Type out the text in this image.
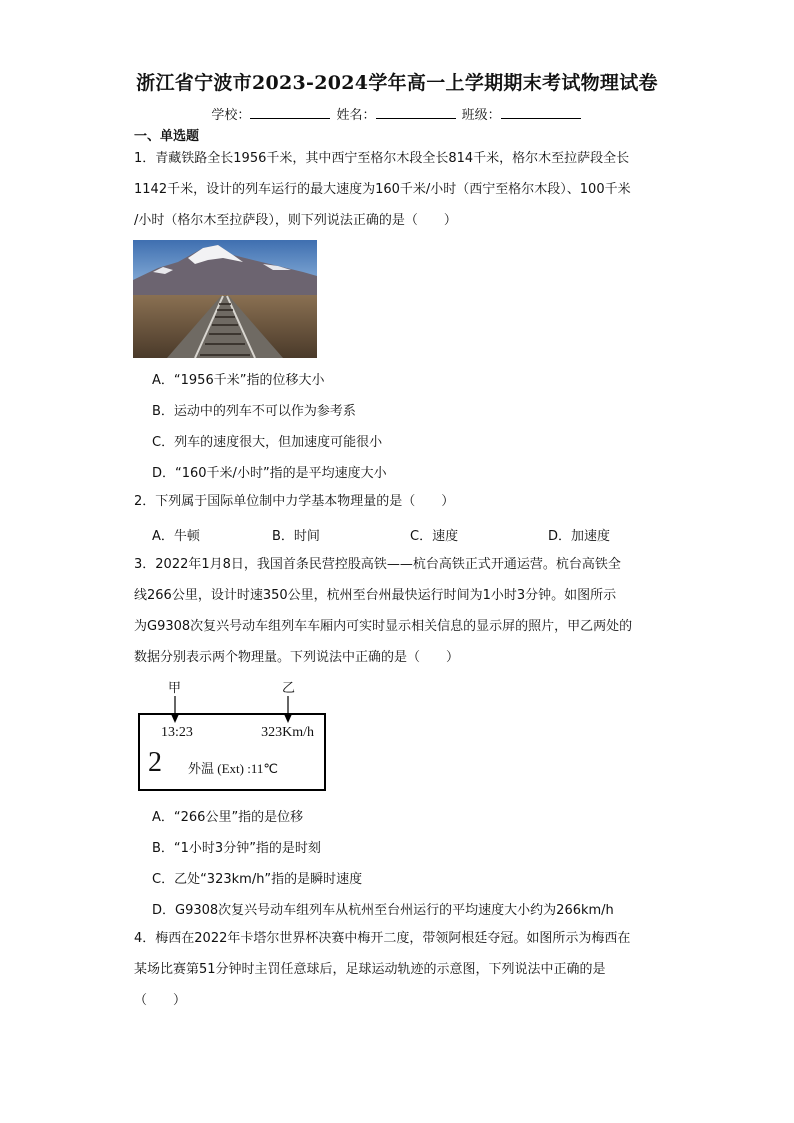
浙江省宁波市2023-2024学年高一上学期期末考试物理试卷
学校：	姓名：	班级：
一、单选题
1．青藏铁路全长1956千米，其中西宁至格尔木段全长814千米，格尔木至拉萨段全长
1142千米，设计的列车运行的最大速度为160千米/小时（西宁至格尔木段）、100千米
/小时（格尔木至拉萨段），则下列说法正确的是（　　）
A．“1956千米”指的位移大小
B．运动中的列车不可以作为参考系
C．列车的速度很大，但加速度可能很小
D．“160千米/小时”指的是平均速度大小
2．下列属于国际单位制中力学基本物理量的是（　　）
A．牛顿	B．时间	C．速度	D．加速度
3．2022年1月8日，我国首条民营控股高铁——杭台高铁正式开通运营。杭台高铁全
线266公里，设计时速350公里，杭州至台州最快运行时间为1小时3分钟。如图所示
为G9308次复兴号动车组列车车厢内可实时显示相关信息的显示屏的照片，甲乙两处的
数据分别表示两个物理量。下列说法中正确的是（　　）
甲	乙
13:23	323Km/h
2 外温 (Ext) :11℃
A．“266公里”指的是位移
B．“1小时3分钟”指的是时刻
C．乙处“323km/h”指的是瞬时速度
D．G9308次复兴号动车组列车从杭州至台州运行的平均速度大小约为266km/h
4．梅西在2022年卡塔尔世界杯决赛中梅开二度，带领阿根廷夺冠。如图所示为梅西在
某场比赛第51分钟时主罚任意球后，足球运动轨迹的示意图，下列说法中正确的是
（　　）
